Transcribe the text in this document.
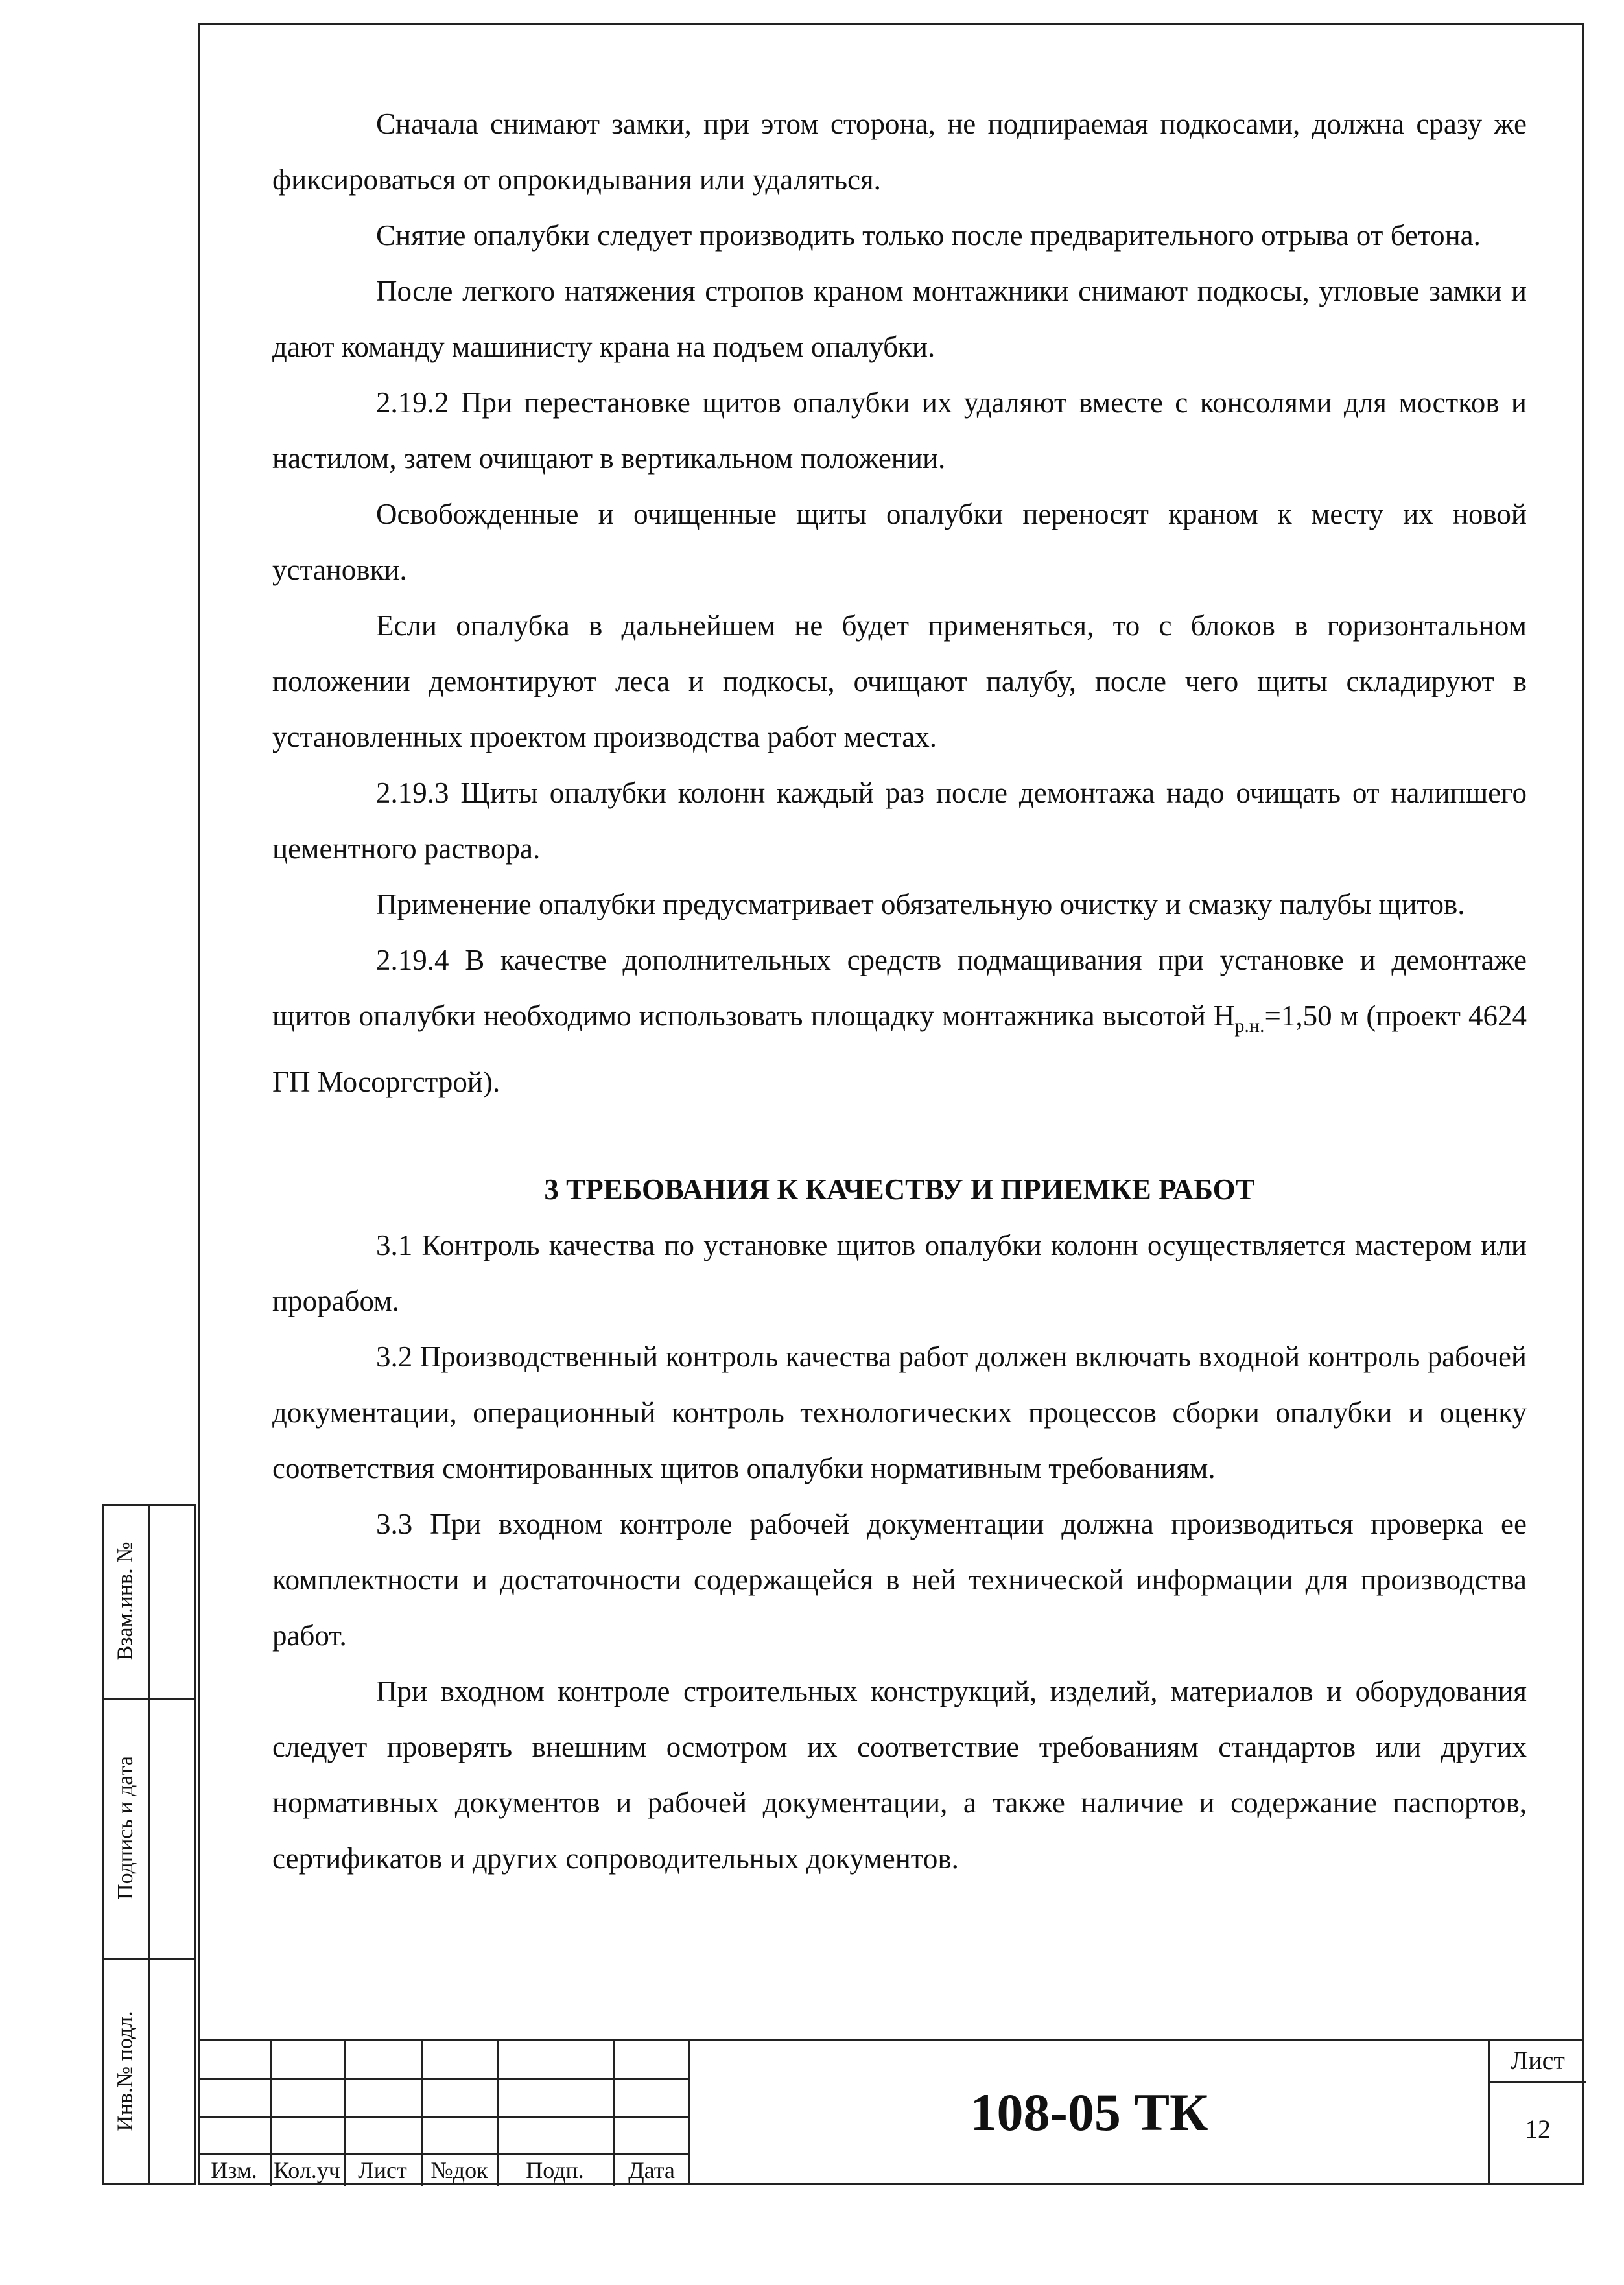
Сначала снимают замки, при этом сторона, не подпираемая подкосами, должна сразу же фиксироваться от опрокидывания или удаляться.

Снятие опалубки следует производить только после предварительного отрыва от бетона.

После легкого натяжения стропов краном монтажники снимают подкосы, угловые замки и дают команду машинисту крана на подъем опалубки.

2.19.2 При перестановке щитов опалубки их удаляют вместе с консолями для мостков и настилом, затем очищают в вертикальном положении.

Освобожденные и очищенные щиты опалубки переносят краном к месту их новой установки.

Если опалубка в дальнейшем не будет применяться, то с блоков в горизонтальном положении демонтируют леса и подкосы, очищают палубу, после чего щиты складируют в установленных проектом производства работ местах.

2.19.3 Щиты опалубки колонн каждый раз после демонтажа надо очищать от налипшего цементного раствора.

Применение опалубки предусматривает обязательную очистку и смазку палубы щитов.

2.19.4 В качестве дополнительных средств подмащивания при установке и демонтаже щитов опалубки необходимо использовать площадку монтажника высотой $H_{р.н.}=1,50$ м (проект 4624 ГП Мосоргстрой).

3 ТРЕБОВАНИЯ К КАЧЕСТВУ И ПРИЕМКЕ РАБОТ

3.1 Контроль качества по установке щитов опалубки колонн осуществляется мастером или прорабом.

3.2 Производственный контроль качества работ должен включать входной контроль рабочей документации, операционный контроль технологических процессов сборки опалубки и оценку соответствия смонтированных щитов опалубки нормативным требованиям.

3.3 При входном контроле рабочей документации должна производиться проверка ее комплектности и достаточности содержащейся в ней технической информации для производства работ.

При входном контроле строительных конструкций, изделий, материалов и оборудования следует проверять внешним осмотром их соответствие требованиям стандартов или других нормативных документов и рабочей документации, а также наличие и содержание паспортов, сертификатов и других сопроводительных документов.

Взам.инв. №
Подпись и дата
Инв.№ подл.
Изм. Кол.уч Лист	№док	Подп.	Дата
108-05 ТК
Лист
12
